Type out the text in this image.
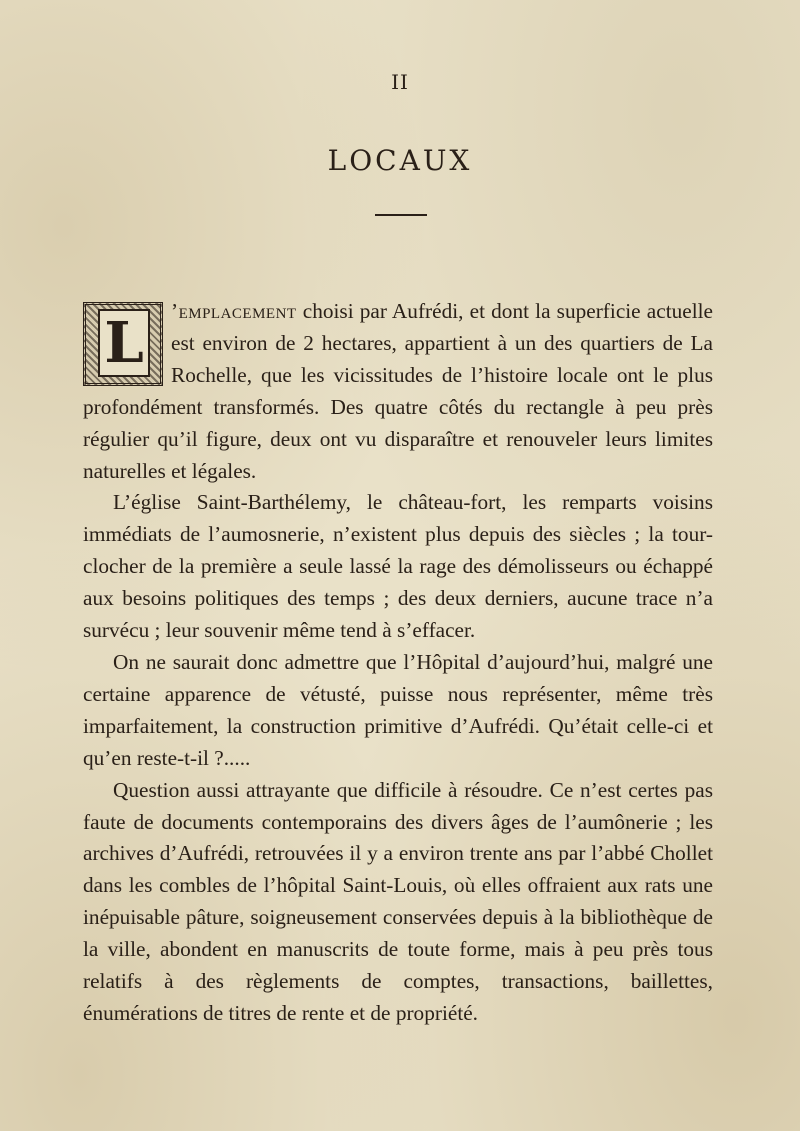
II
LOCAUX

L ’emplacement choisi par Aufrédi, et dont la superficie actuelle est environ de 2 hectares, appartient à un des quartiers de La Rochelle, que les vicissitudes de l’histoire locale ont le plus profondément transformés. Des quatre côtés du rectangle à peu près régulier qu’il figure, deux ont vu disparaître et renouveler leurs limites naturelles et légales.

L’église Saint-Barthélemy, le château-fort, les remparts voisins immédiats de l’aumosnerie, n’existent plus depuis des siècles ; la tour-clocher de la première a seule lassé la rage des démolisseurs ou échappé aux besoins politiques des temps ; des deux derniers, aucune trace n’a survécu ; leur souvenir même tend à s’effacer.

On ne saurait donc admettre que l’Hôpital d’aujourd’hui, malgré une certaine apparence de vétusté, puisse nous représenter, même très imparfaitement, la construction primitive d’Aufrédi. Qu’était celle-ci et qu’en reste-t-il ?.....

Question aussi attrayante que difficile à résoudre. Ce n’est certes pas faute de documents contemporains des divers âges de l’aumônerie ; les archives d’Aufrédi, retrouvées il y a environ trente ans par l’abbé Chollet dans les combles de l’hôpital Saint-Louis, où elles offraient aux rats une inépuisable pâture, soigneusement conservées depuis à la bibliothèque de la ville, abondent en manuscrits de toute forme, mais à peu près tous relatifs à des règlements de comptes, transactions, baillettes, énumérations de titres de rente et de propriété.
